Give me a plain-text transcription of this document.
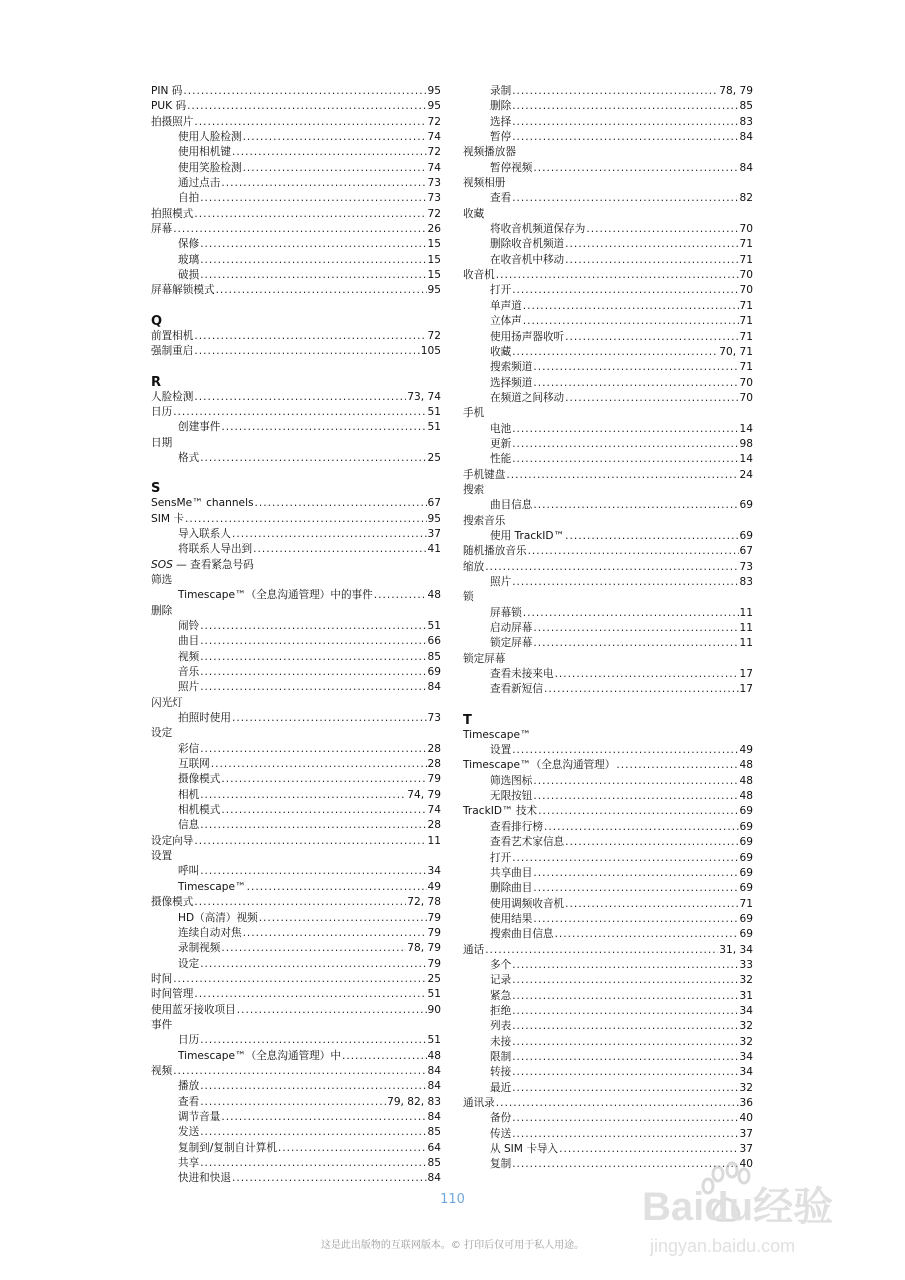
PIN 码 .....	95
PUK 码 .....	95
拍摄照片 .....	72
使用人脸检测 .....	74
使用相机键 .....	72
使用笑脸检测 .....	74
通过点击 .....	73
自拍 .....	73
拍照模式 .....	72
屏幕 .....	26
保修 .....	15
玻璃 .....	15
破损 .....	15
屏幕解锁模式 .....	95
Q
前置相机 .....	72
强制重启 .....	105
R
人脸检测 .....	73, 74
日历 .....	51
创建事件 .....	51
日期
格式 .....	25
S
SensMe™ channels .....	67
SIM 卡 .....	95
导入联系人 .....	37
将联系人导出到 .....	41
SOS — 查看紧急号码
筛选
Timescape™（全息沟通管理）中的事件 .....	48
删除
闹铃 .....	51
曲目 .....	66
视频 .....	85
音乐 .....	69
照片 .....	84
闪光灯
拍照时使用 .....	73
设定
彩信 .....	28
互联网 .....	28
摄像模式 .....	79
相机 .....	74, 79
相机模式 .....	74
信息 .....	28
设定向导 .....	11
设置
呼叫 .....	34
Timescape™ .....	49
摄像模式 .....	72, 78
HD（高清）视频 .....	79
连续自动对焦 .....	79
录制视频 .....	78, 79
设定 .....	79
时间 .....	25
时间管理 .....	51
使用蓝牙接收项目 .....	90
事件
日历 .....	51
Timescape™（全息沟通管理）中 .....	48
视频 .....	84
播放 .....	84
查看 .....	79, 82, 83
调节音量 .....	84
发送 .....	85
复制到/复制自计算机 .....	64
共享 .....	85
快进和快退 .....	84
录制 .....	78, 79
删除 .....	85
选择 .....	83
暂停 .....	84
视频播放器
暂停视频 .....	84
视频相册
查看 .....	82
收藏
将收音机频道保存为 .....	70
删除收音机频道 .....	71
在收音机中移动 .....	71
收音机 .....	70
打开 .....	70
单声道 .....	71
立体声 .....	71
使用扬声器收听 .....	71
收藏 .....	70, 71
搜索频道 .....	71
选择频道 .....	70
在频道之间移动 .....	70
手机
电池 .....	14
更新 .....	98
性能 .....	14
手机键盘 .....	24
搜索
曲目信息 .....	69
搜索音乐
使用 TrackID™ .....	69
随机播放音乐 .....	67
缩放 .....	73
照片 .....	83
锁
屏幕锁 .....	11
启动屏幕 .....	11
锁定屏幕 .....	11
锁定屏幕
查看未接来电 .....	17
查看新短信 .....	17
T
Timescape™
设置 .....	49
Timescape™（全息沟通管理） .....	48
筛选图标 .....	48
无限按钮 .....	48
TrackID™ 技术 .....	69
查看排行榜 .....	69
查看艺术家信息 .....	69
打开 .....	69
共享曲目 .....	69
删除曲目 .....	69
使用调频收音机 .....	71
使用结果 .....	69
搜索曲目信息 .....	69
通话 .....	31, 34
多个 .....	33
记录 .....	32
紧急 .....	31
拒绝 .....	34
列表 .....	32
未接 .....	32
限制 .....	34
转接 .....	34
最近 .....	32
通讯录 .....	36
备份 .....	40
传送 .....	37
从 SIM 卡导入 .....	37
复制 .....	40
110
这是此出版物的互联网版本。© 打印后仅可用于私人用途。
Baidu经验
jingyan.baidu.com
